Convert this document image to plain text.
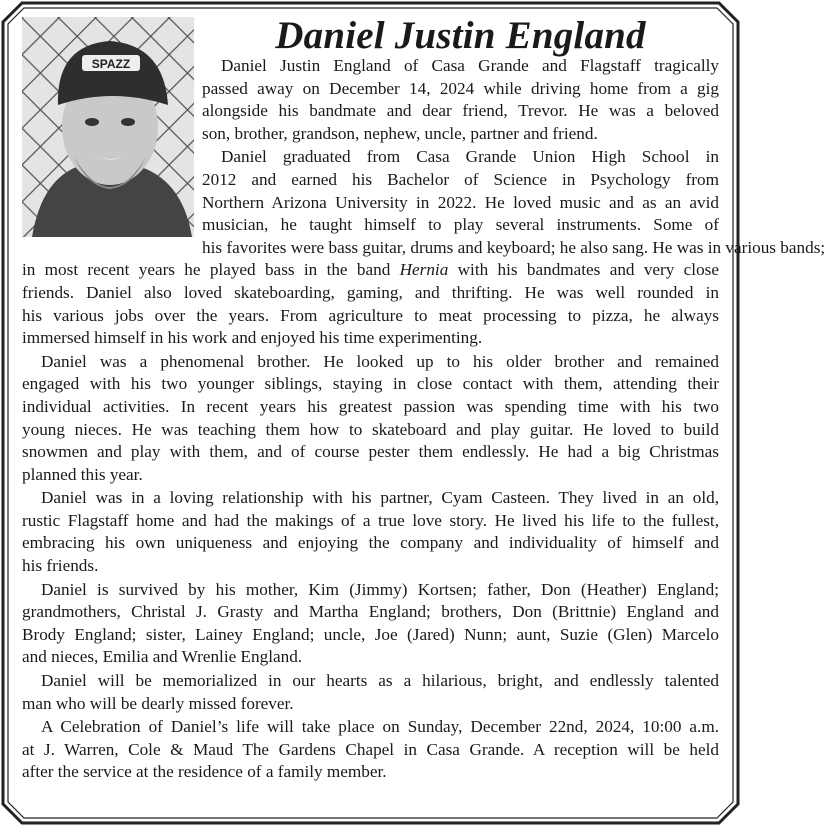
SPAZZ
Daniel Justin England
Daniel Justin England of Casa Grande and Flagstaff tragically
passed away on December 14, 2024 while driving home from a gig
alongside his bandmate and dear friend, Trevor. He was a beloved
son, brother, grandson, nephew, uncle, partner and friend.
Daniel graduated from Casa Grande Union High School in
2012 and earned his Bachelor of Science in Psychology from
Northern Arizona University in 2022. He loved music and as an avid
musician, he taught himself to play several instruments. Some of
his favorites were bass guitar, drums and keyboard; he also sang. He was in various bands;
in most recent years he played bass in the band Hernia with his bandmates and very close
friends. Daniel also loved skateboarding, gaming, and thrifting. He was well rounded in
his various jobs over the years. From agriculture to meat processing to pizza, he always
immersed himself in his work and enjoyed his time experimenting.
Daniel was a phenomenal brother. He looked up to his older brother and remained
engaged with his two younger siblings, staying in close contact with them, attending their
individual activities. In recent years his greatest passion was spending time with his two
young nieces. He was teaching them how to skateboard and play guitar. He loved to build
snowmen and play with them, and of course pester them endlessly. He had a big Christmas
planned this year.
Daniel was in a loving relationship with his partner, Cyam Casteen. They lived in an old,
rustic Flagstaff home and had the makings of a true love story. He lived his life to the fullest,
embracing his own uniqueness and enjoying the company and individuality of himself and
his friends.
Daniel is survived by his mother, Kim (Jimmy) Kortsen; father, Don (Heather) England;
grandmothers, Christal J. Grasty and Martha England; brothers, Don (Brittnie) England and
Brody England; sister, Lainey England; uncle, Joe (Jared) Nunn; aunt, Suzie (Glen) Marcelo
and nieces, Emilia and Wrenlie England.
Daniel will be memorialized in our hearts as a hilarious, bright, and endlessly talented
man who will be dearly missed forever.
A Celebration of Daniel’s life will take place on Sunday, December 22nd, 2024, 10:00 a.m.
at J. Warren, Cole & Maud The Gardens Chapel in Casa Grande. A reception will be held
after the service at the residence of a family member.
